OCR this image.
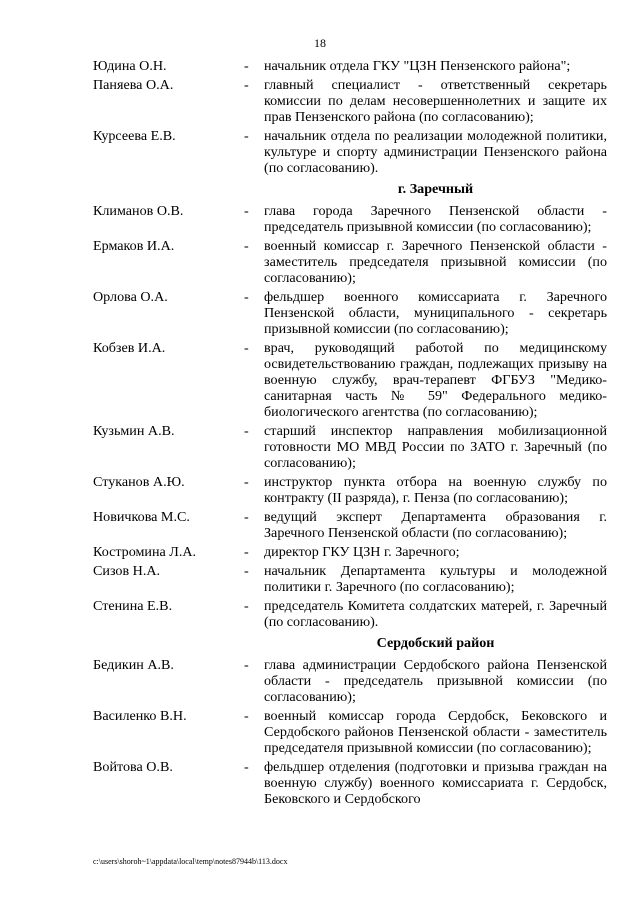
18
Юдина О.Н.	-	начальник отдела ГКУ "ЦЗН Пензенского района";
Паняева О.А.	-	главный специалист - ответственный секретарь комиссии по делам несовершеннолетних и защите их прав Пензенского района (по согласованию);
Курсеева Е.В.	-	начальник отдела по реализации молодежной политики, культуре и спорту администрации Пензенского района (по согласованию).
г. Заречный
Климанов О.В.	-	глава города Заречного Пензенской области - председатель призывной комиссии (по согласованию);
Ермаков И.А.	-	военный комиссар г. Заречного Пензенской области - заместитель председателя призывной комиссии (по согласованию);
Орлова О.А.	-	фельдшер военного комиссариата г. Заречного Пензенской области, муниципального - секретарь призывной комиссии (по согласованию);
Кобзев И.А.	-	врач, руководящий работой по медицинскому освидетельствованию граждан, подлежащих призыву на военную службу, врач-терапевт ФГБУЗ "Медико-санитарная часть № 59" Федерального медико-биологического агентства (по согласованию);
Кузьмин А.В.	-	старший инспектор направления мобилизационной готовности МО МВД России по ЗАТО г. Заречный (по согласованию);
Стуканов А.Ю.	-	инструктор пункта отбора на военную службу по контракту (II разряда), г. Пенза (по согласованию);
Новичкова М.С.	-	ведущий эксперт Департамента образования г. Заречного Пензенской области (по согласованию);
Костромина Л.А.	-	директор ГКУ ЦЗН г. Заречного;
Сизов Н.А.	-	начальник Департамента культуры и молодежной политики г. Заречного (по согласованию);
Стенина Е.В.	-	председатель Комитета солдатских матерей, г. Заречный (по согласованию).
Сердобский район
Бедикин А.В.	-	глава администрации Сердобского района Пензенской области - председатель призывной комиссии (по согласованию);
Василенко В.Н.	-	военный комиссар города Сердобск, Бековского и Сердобского районов Пензенской области - заместитель председателя призывной комиссии (по согласованию);
Войтова О.В.	-	фельдшер отделения (подготовки и призыва граждан на военную службу) военного комиссариата г. Сердобск, Бековского и Сердобского
c:\users\shoroh~1\appdata\local\temp\notes87944b\113.docx
